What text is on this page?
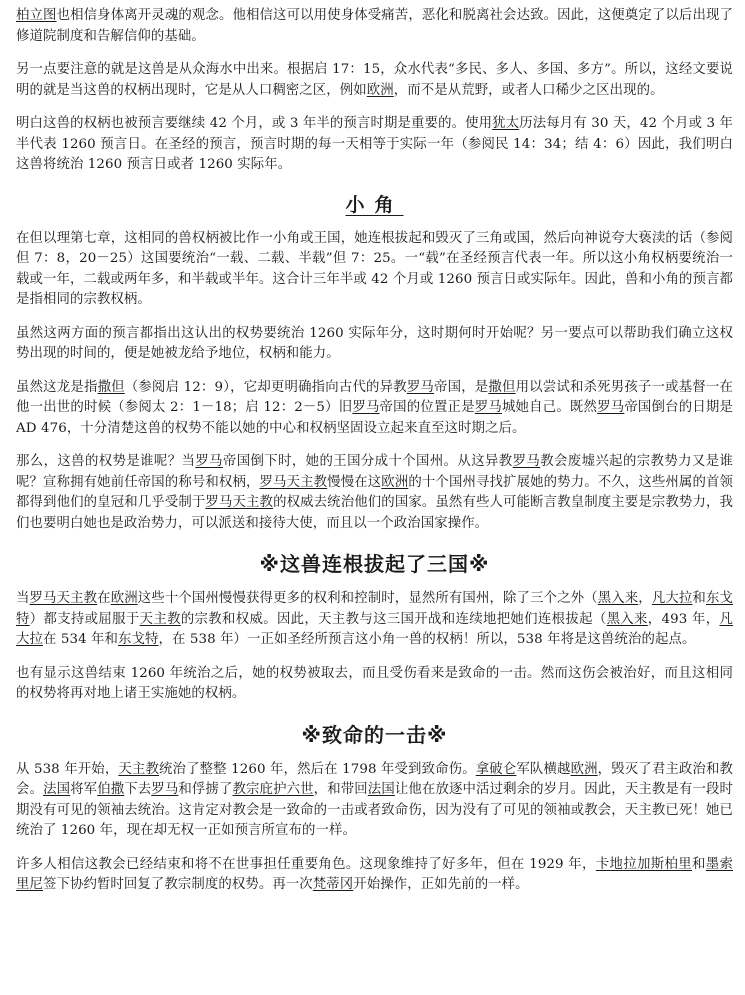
柏立图也相信身体离开灵魂的观念。他相信这可以用使身体受痛苦，恶化和脱离社会达致。因此，这便奠定了以后出现了修道院制度和告解信仰的基础。

另一点要注意的就是这兽是从众海水中出来。根据启 17：15，众水代表“多民、多人、多国、多方”。所以，这经文要说明的就是当这兽的权柄出现时，它是从人口稠密之区，例如欧洲，而不是从荒野，或者人口稀少之区出现的。

明白这兽的权柄也被预言要继续 42 个月，或 3 年半的预言时期是重要的。使用犹太历法每月有 30 天，42 个月或 3 年半代表 1260 预言日。在圣经的预言，预言时期的每一天相等于实际一年（参阅民 14：34；结 4：6）因此，我们明白这兽将统治 1260 预言日或者 1260 实际年。

小角

在但以理第七章，这相同的兽权柄被比作一小角或王国，她连根拔起和毁灭了三角或国，然后向神说夸大亵渎的话（参阅但 7：8，20－25）这国要统治“一载、二载、半载”但 7：25。一“载”在圣经预言代表一年。所以这小角权柄要统治一载或一年，二载或两年多，和半载或半年。这合计三年半或 42 个月或 1260 预言日或实际年。因此，兽和小角的预言都是指相同的宗教权柄。

虽然这两方面的预言都指出这认出的权势要统治 1260 实际年分，这时期何时开始呢？另一要点可以帮助我们确立这权势出现的时间的，便是她被龙给予地位，权柄和能力。

虽然这龙是指撒但（参阅启 12：9），它却更明确指向古代的异教罗马帝国，是撒但用以尝试和杀死男孩子一或基督一在他一出世的时候（参阅太 2：1－18；启 12：2－5）旧罗马帝国的位置正是罗马城她自己。既然罗马帝国倒台的日期是 AD 476，十分清楚这兽的权势不能以她的中心和权柄坚固设立起来直至这时期之后。

那么，这兽的权势是谁呢？当罗马帝国倒下时，她的王国分成十个国州。从这异教罗马教会废墟兴起的宗教势力又是谁呢？宣称拥有她前任帝国的称号和权柄，罗马天主教慢慢在这欧洲的十个国州寻找扩展她的势力。不久，这些州属的首领都得到他们的皇冠和几乎受制于罗马天主教的权威去统治他们的国家。虽然有些人可能断言教皇制度主要是宗教势力，我们也要明白她也是政治势力，可以派送和接待大使，而且以一个政治国家操作。

※这兽连根拔起了三国※

当罗马天主教在欧洲这些十个国州慢慢获得更多的权利和控制时，显然所有国州，除了三个之外（黑入来，凡大拉和东戈特）都支持或屈服于天主教的宗教和权威。因此，天主教与这三国开战和连续地把她们连根拔起（黑入来，493 年，凡大拉在 534 年和东戈特，在 538 年）一正如圣经所预言这小角一兽的权柄！所以，538 年将是这兽统治的起点。

也有显示这兽结束 1260 年统治之后，她的权势被取去，而且受伤看来是致命的一击。然而这伤会被治好，而且这相同的权势将再对地上诸王实施她的权柄。

※致命的一击※

从 538 年开始，天主教统治了整整 1260 年，然后在 1798 年受到致命伤。拿破仑军队横越欧洲，毁灭了君主政治和教会。法国将军伯撒下去罗马和俘掳了教宗庇护六世，和带回法国让他在放逐中活过剩余的岁月。因此，天主教是有一段时期没有可见的领袖去统治。这肯定对教会是一致命的一击或者致命伤，因为没有了可见的领袖或教会，天主教已死！她已统治了 1260 年，现在却无权一正如预言所宣布的一样。

许多人相信这教会已经结束和将不在世事担任重要角色。这现象维持了好多年，但在 1929 年，卡地拉加斯柏里和墨索里尼签下协约暂时回复了教宗制度的权势。再一次梵蒂冈开始操作，正如先前的一样。
